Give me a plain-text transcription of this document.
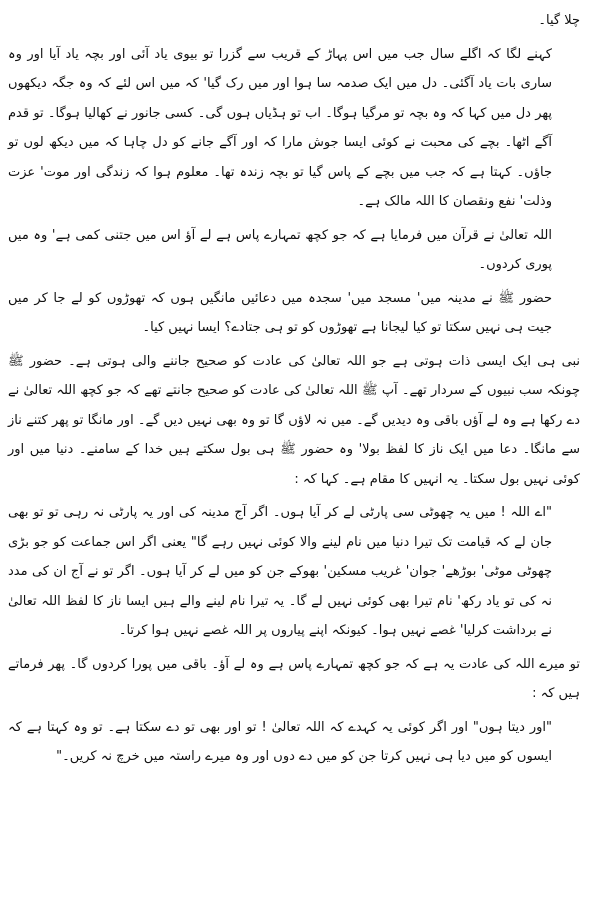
چلا گیا۔

کہنے لگا کہ اگلے سال جب میں اس پہاڑ کے قریب سے گزرا تو بیوی یاد آئی اور بچہ یاد آیا اور وہ ساری بات یاد آگئی۔ دل میں ایک صدمہ سا ہوا اور میں رک گیا' کہ میں اس لئے کہ وہ جگہ دیکھوں پھر دل میں کہا کہ وہ بچہ تو مرگیا ہوگا۔ اب تو ہڈیاں ہوں گی۔ کسی جانور نے کھالیا ہوگا۔ تو قدم آگے اٹھا۔ بچے کی محبت نے کوئی ایسا جوش مارا کہ اور آگے جانے کو دل چاہا کہ میں دیکھ لوں تو جاؤں۔ کہتا ہے کہ جب میں بچے کے پاس گیا تو بچہ زندہ تھا۔ معلوم ہوا کہ زندگی اور موت' عزت وذلت' نفع ونقصان کا اللہ مالک ہے۔

اللہ تعالیٰ نے قرآن میں فرمایا ہے کہ جو کچھ تمہارے پاس ہے لے آؤ اس میں جتنی کمی ہے' وہ میں پوری کردوں۔

حضور ﷺ نے مدینہ میں' مسجد میں' سجدہ میں دعائیں مانگیں ہوں کہ تھوڑوں کو لے جا کر میں جیت ہی نہیں سکتا تو کیا لیجانا ہے تھوڑوں کو تو ہی جتادے؟ ایسا نہیں کیا۔

نبی ہی ایک ایسی ذات ہوتی ہے جو اللہ تعالیٰ کی عادت کو صحیح جاننے والی ہوتی ہے۔ حضور ﷺ چونکہ سب نبیوں کے سردار تھے۔ آپ ﷺ اللہ تعالیٰ کی عادت کو صحیح جانتے تھے کہ جو کچھ اللہ تعالیٰ نے دے رکھا ہے وہ لے آؤں باقی وہ دیدیں گے۔ میں نہ لاؤں گا تو وہ بھی نہیں دیں گے۔ اور مانگا تو پھر کتنے ناز سے مانگا۔ دعا میں ایک ناز کا لفظ بولا' وہ حضور ﷺ ہی بول سکتے ہیں خدا کے سامنے۔ دنیا میں اور کوئی نہیں بول سکتا۔ یہ انہیں کا مقام ہے۔ کہا کہ :

"اے اللہ ! میں یہ چھوٹی سی پارٹی لے کر آیا ہوں۔ اگر آج مدینہ کی اور یہ پارٹی نہ رہی تو تو بھی جان لے کہ قیامت تک تیرا دنیا میں نام لینے والا کوئی نہیں رہے گا" یعنی اگر اس جماعت کو جو بڑی چھوٹی موٹی' بوڑھے' جوان' غریب مسکین' بھوکے جن کو میں لے کر آیا ہوں۔ اگر تو نے آج ان کی مدد نہ کی تو یاد رکھ' نام تیرا بھی کوئی نہیں لے گا۔ یہ تیرا نام لینے والے ہیں ایسا ناز کا لفظ اللہ تعالیٰ نے برداشت کرلیا' غصے نہیں ہوا۔ کیونکہ اپنے پیاروں پر اللہ غصے نہیں ہوا کرتا۔

تو میرے اللہ کی عادت یہ ہے کہ جو کچھ تمہارے پاس ہے وہ لے آؤ۔ باقی میں پورا کردوں گا۔ پھر فرماتے ہیں کہ :

"اور دیتا ہوں" اور اگر کوئی یہ کہدے کہ اللہ تعالیٰ ! تو اور بھی تو دے سکتا ہے۔ تو وہ کہتا ہے کہ ایسوں کو میں دیا ہی نہیں کرتا جن کو میں دے دوں اور وہ میرے راستہ میں خرچ نہ کریں۔"
